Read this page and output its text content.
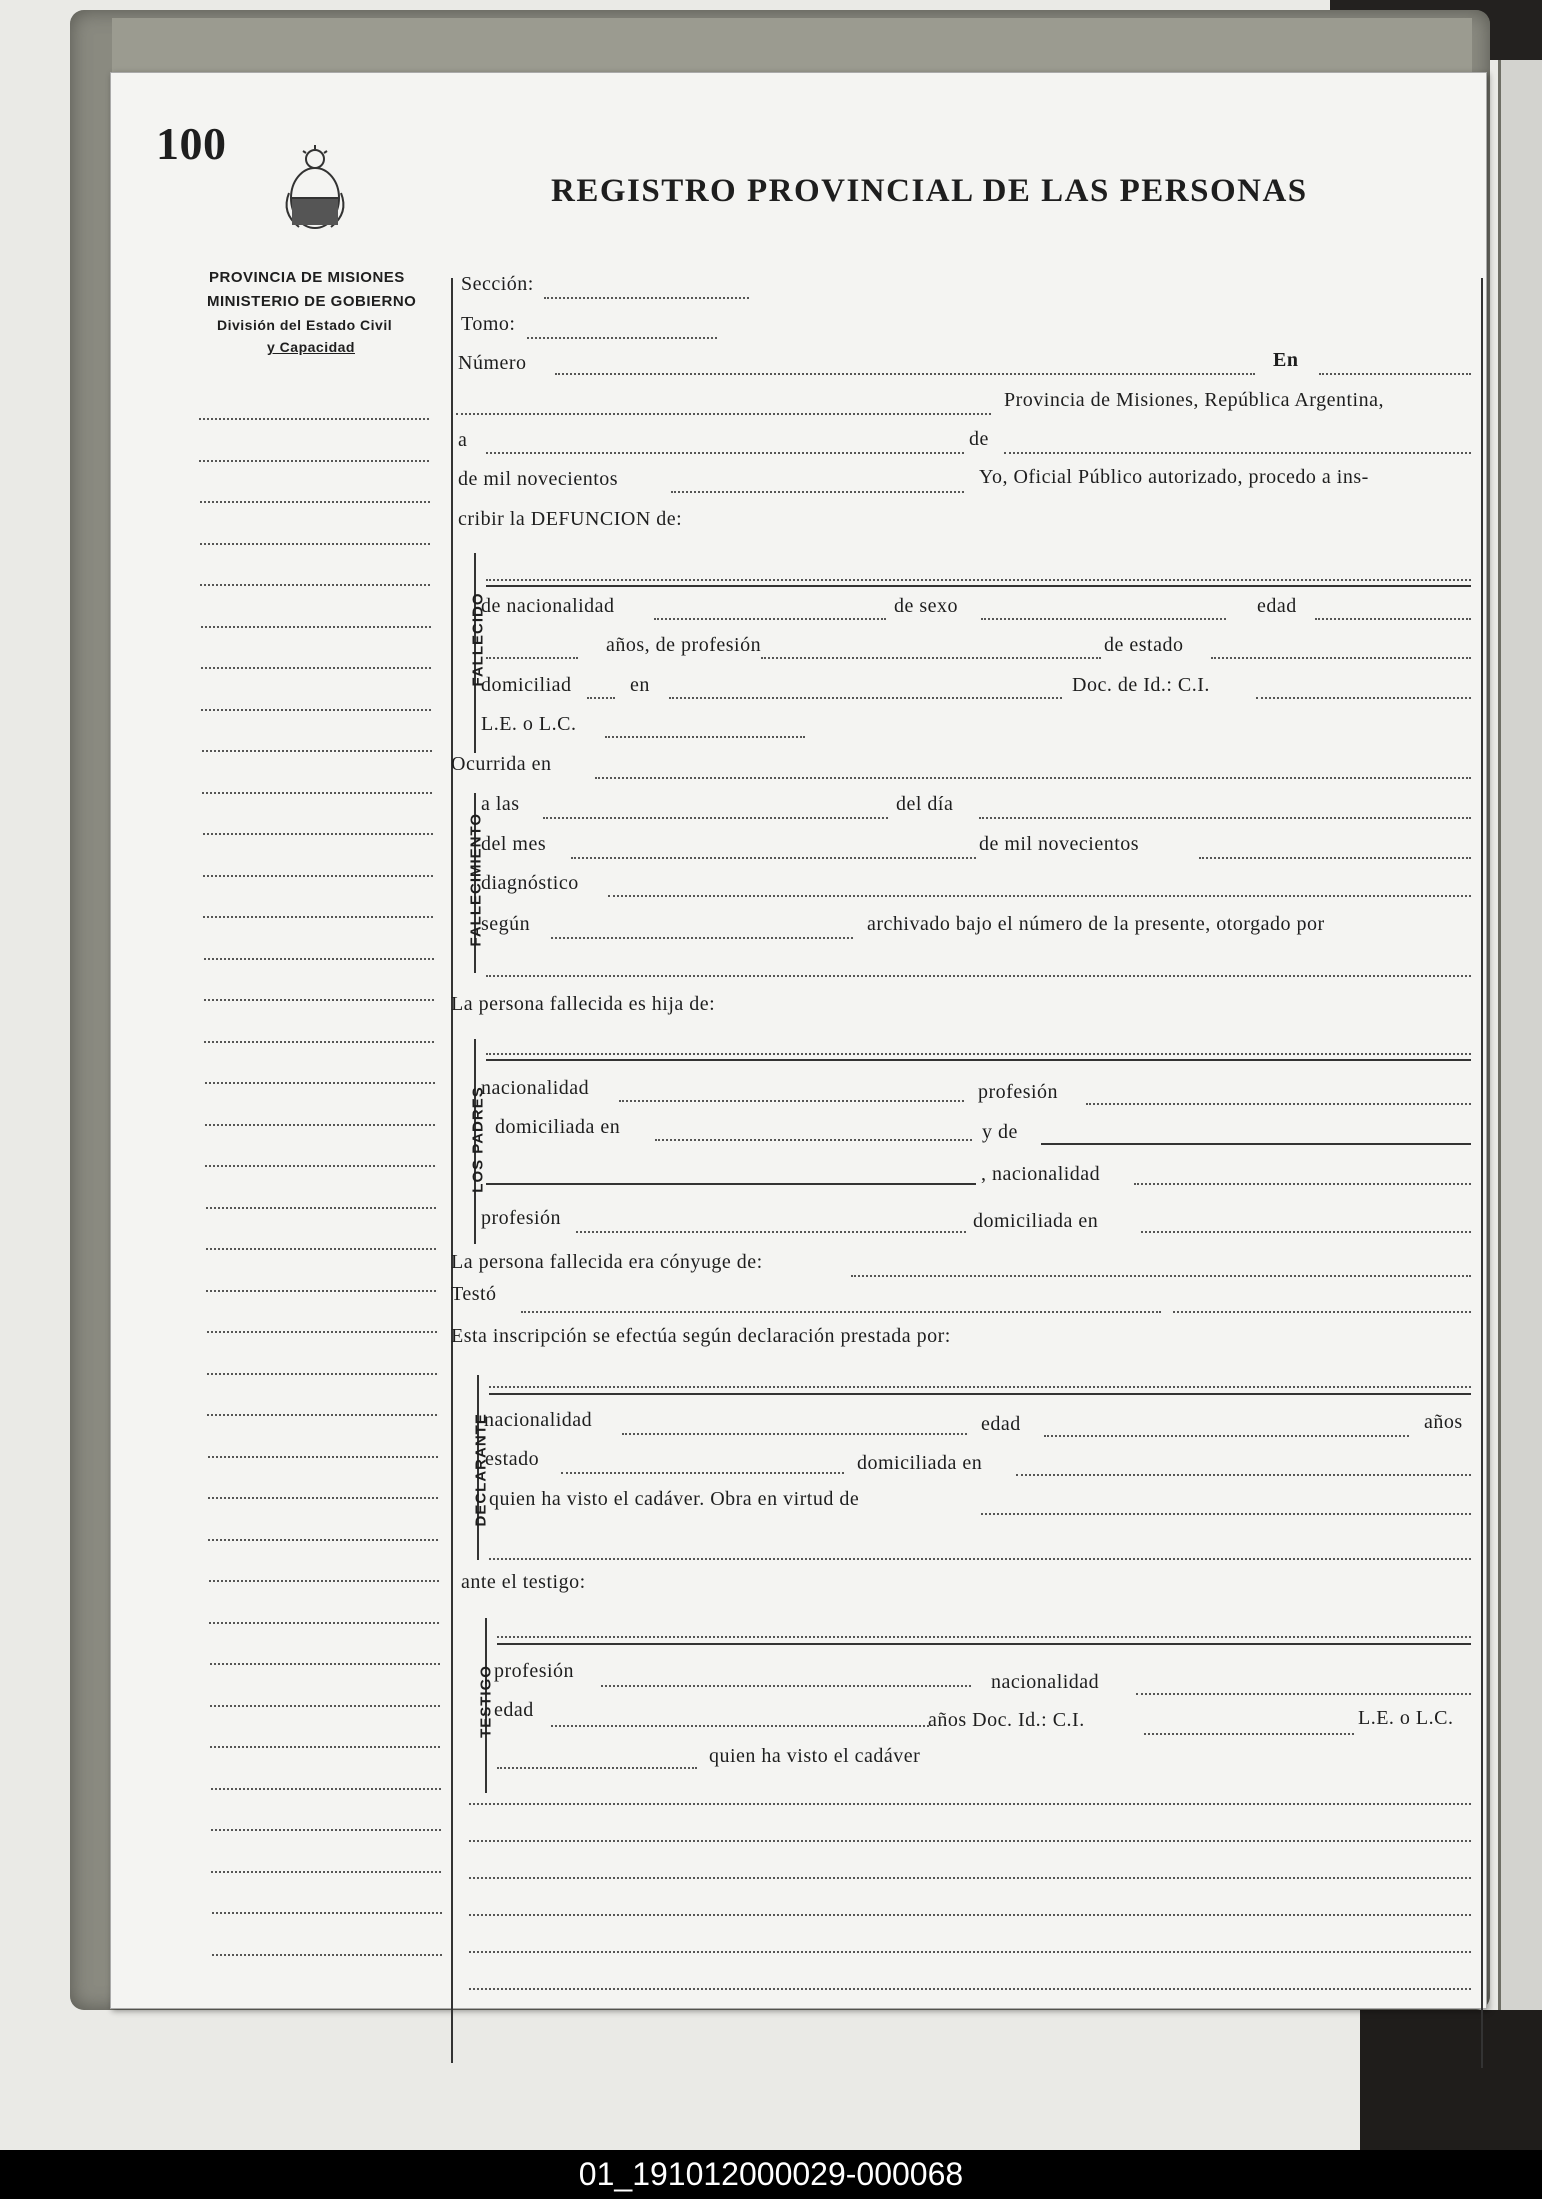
100
REGISTRO PROVINCIAL DE LAS PERSONAS
PROVINCIA DE MISIONES
MINISTERIO DE GOBIERNO
División del Estado Civil
y Capacidad
Sección:
Tomo:
Número	En
Provincia de Misiones, República Argentina,
a	de
de mil novecientos	Yo, Oficial Público autorizado, procedo a ins-
cribir la DEFUNCION de:
FALLECIDO
de nacionalidad	de sexo	edad
años, de profesión	de estado
domiciliad	en	Doc. de Id.: C.I.
L.E. o L.C.
Ocurrida en
FALLECIMIENTO
a las	del día
del mes	de mil novecientos
diagnóstico
según	archivado bajo el número de la presente, otorgado por
La persona fallecida es hija de:
LOS PADRES
nacionalidad	profesión
domiciliada en	y de
, nacionalidad
profesión	domiciliada en
La persona fallecida era cónyuge de:
Testó
Esta inscripción se efectúa según declaración prestada por:
DECLARANTE
nacionalidad	edad	años
estado	domiciliada en
quien ha visto el cadáver. Obra en virtud de
ante el testigo:
TESTIGO profesión	nacionalidad
edad	años Doc. Id.: C.I.	L.E. o L.C.
quien ha visto el cadáver
01_191012000029-000068
